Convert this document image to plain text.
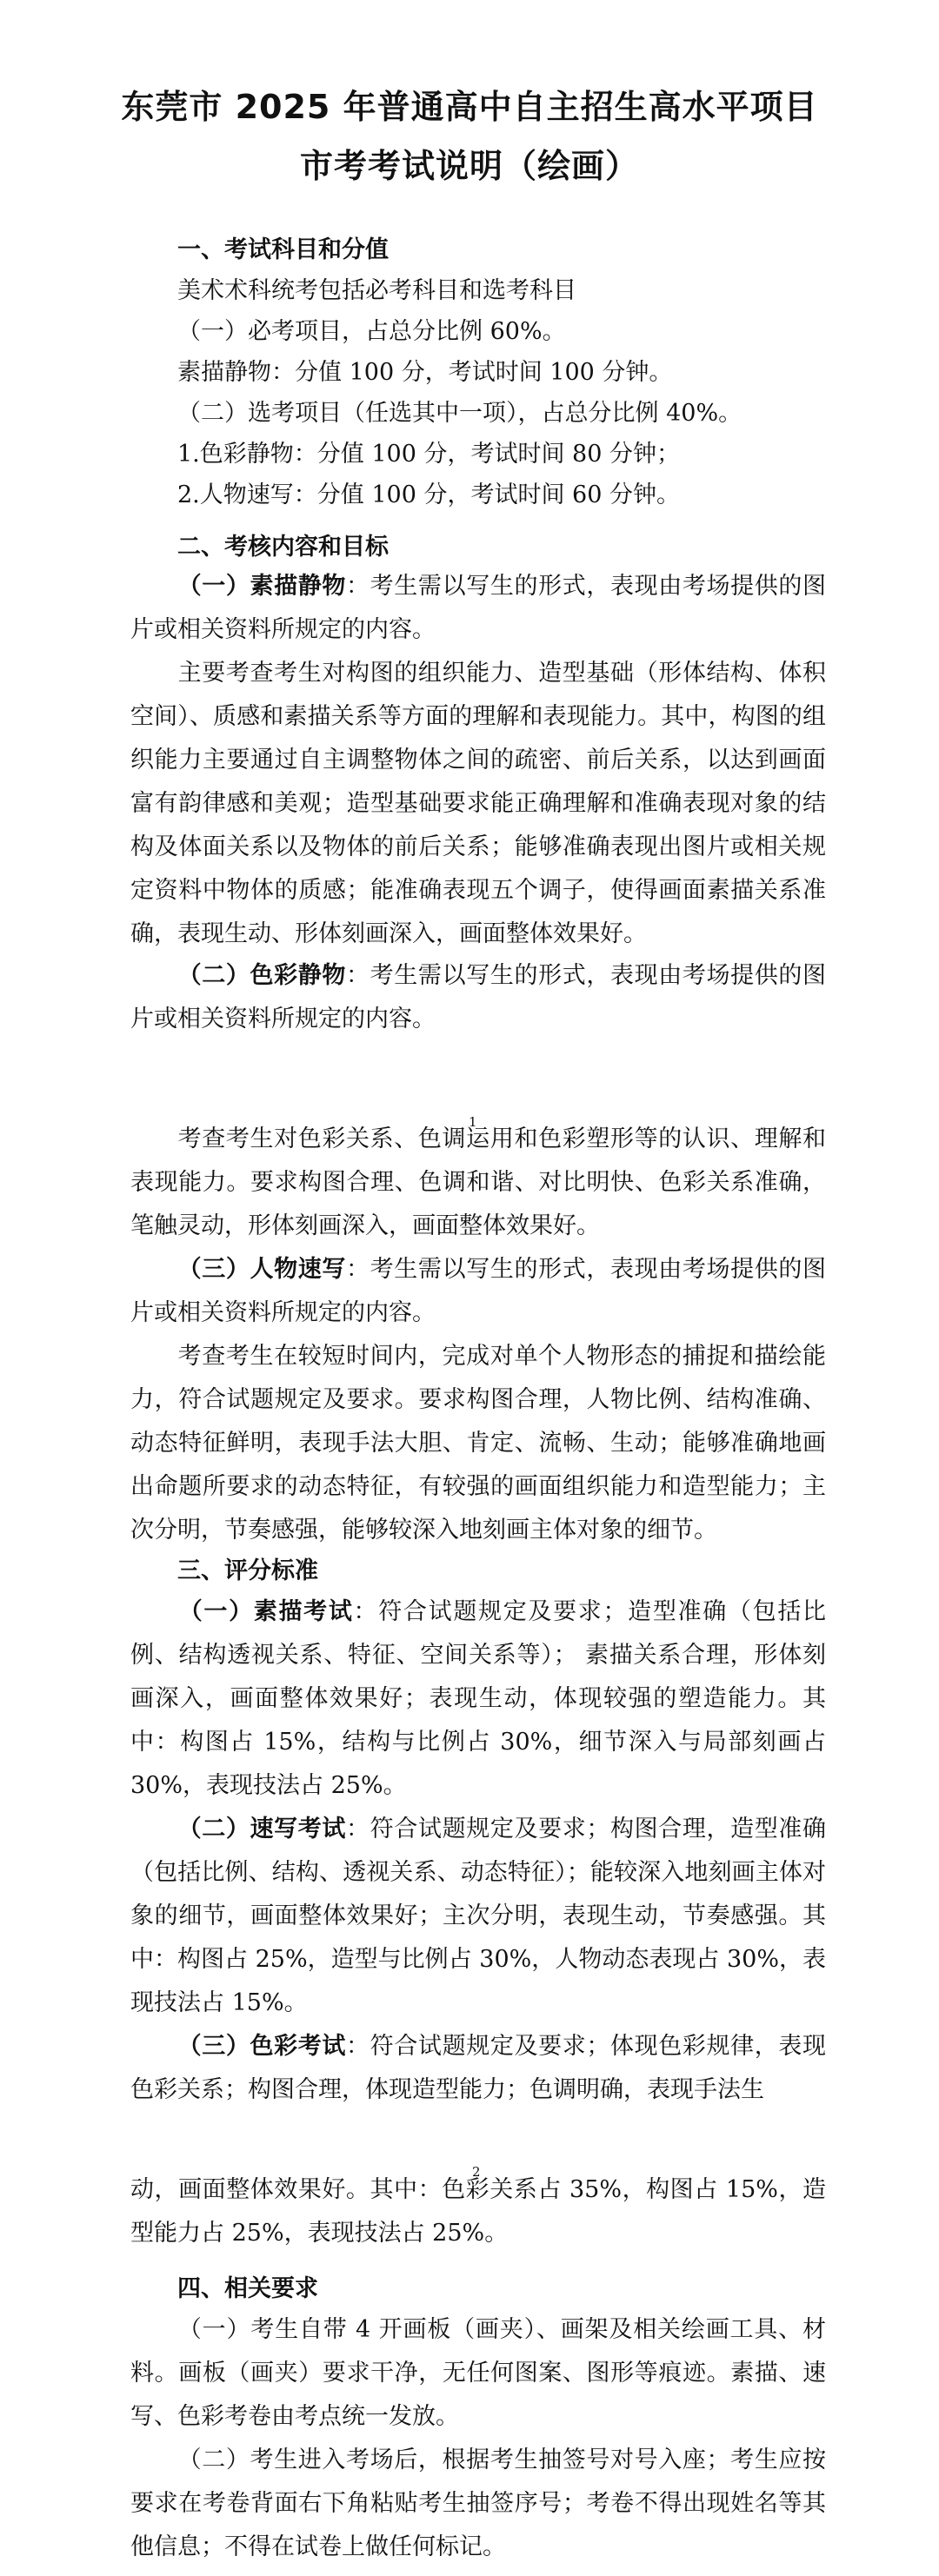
东莞市 2025 年普通高中自主招生高水平项目
市考考试说明（绘画）
一、考试科目和分值
美术术科统考包括必考科目和选考科目
（一）必考项目，占总分比例 60%。
素描静物：分值 100 分，考试时间 100 分钟。
（二）选考项目（任选其中一项），占总分比例 40%。
1.色彩静物：分值 100 分，考试时间 80 分钟；
2.人物速写：分值 100 分，考试时间 60 分钟。
二、考核内容和目标
（一）素描静物：考生需以写生的形式，表现由考场提供的图片或相关资料所规定的内容。
主要考查考生对构图的组织能力、造型基础（形体结构、体积空间）、质感和素描关系等方面的理解和表现能力。其中，构图的组织能力主要通过自主调整物体之间的疏密、前后关系，以达到画面富有韵律感和美观；造型基础要求能正确理解和准确表现对象的结构及体面关系以及物体的前后关系；能够准确表现出图片或相关规定资料中物体的质感；能准确表现五个调子，使得画面素描关系准确，表现生动、形体刻画深入，画面整体效果好。
（二）色彩静物：考生需以写生的形式，表现由考场提供的图片或相关资料所规定的内容。
1
考查考生对色彩关系、色调运用和色彩塑形等的认识、理解和表现能力。要求构图合理、色调和谐、对比明快、色彩关系准确，笔触灵动，形体刻画深入，画面整体效果好。
（三）人物速写：考生需以写生的形式，表现由考场提供的图片或相关资料所规定的内容。
考查考生在较短时间内，完成对单个人物形态的捕捉和描绘能力，符合试题规定及要求。要求构图合理，人物比例、结构准确、动态特征鲜明，表现手法大胆、肯定、流畅、生动；能够准确地画出命题所要求的动态特征，有较强的画面组织能力和造型能力；主次分明，节奏感强，能够较深入地刻画主体对象的细节。
三、评分标准
（一）素描考试：符合试题规定及要求；造型准确（包括比例、结构透视关系、特征、空间关系等）； 素描关系合理，形体刻画深入，画面整体效果好；表现生动，体现较强的塑造能力。其中：构图占 15%，结构与比例占 30%，细节深入与局部刻画占 30%，表现技法占 25%。
（二）速写考试：符合试题规定及要求；构图合理，造型准确（包括比例、结构、透视关系、动态特征）；能较深入地刻画主体对象的细节，画面整体效果好；主次分明，表现生动，节奏感强。其中：构图占 25%，造型与比例占 30%，人物动态表现占 30%，表现技法占 15%。
（三）色彩考试：符合试题规定及要求；体现色彩规律，表现色彩关系；构图合理，体现造型能力；色调明确，表现手法生
2
动，画面整体效果好。其中：色彩关系占 35%，构图占 15%，造型能力占 25%，表现技法占 25%。
四、相关要求
（一）考生自带 4 开画板（画夹）、画架及相关绘画工具、材料。画板（画夹）要求干净，无任何图案、图形等痕迹。素描、速写、色彩考卷由考点统一发放。
（二）考生进入考场后，根据考生抽签号对号入座；考生应按要求在考卷背面右下角粘贴考生抽签序号；考卷不得出现姓名等其他信息；不得在试卷上做任何标记。
